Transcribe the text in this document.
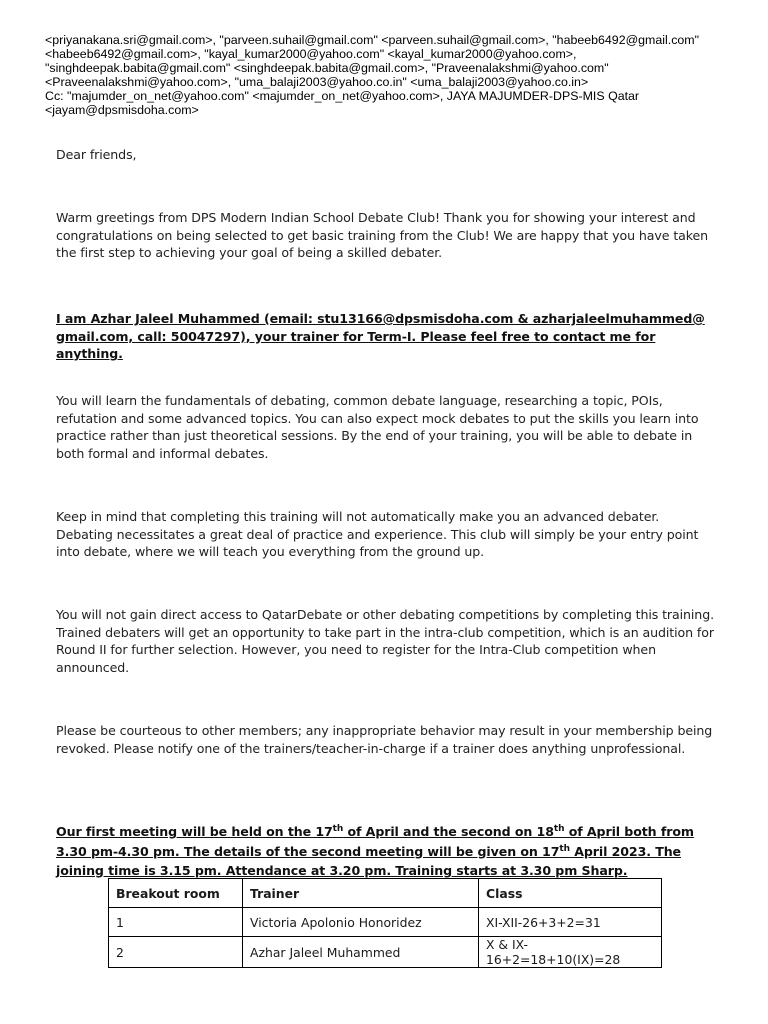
<priyanakana.sri@gmail.com>, "parveen.suhail@gmail.com" <parveen.suhail@gmail.com>, "habeeb6492@gmail.com"
<habeeb6492@gmail.com>, "kayal_kumar2000@yahoo.com" <kayal_kumar2000@yahoo.com>,
"singhdeepak.babita@gmail.com" <singhdeepak.babita@gmail.com>, "Praveenalakshmi@yahoo.com"
<Praveenalakshmi@yahoo.com>, "uma_balaji2003@yahoo.co.in" <uma_balaji2003@yahoo.co.in>
Cc: "majumder_on_net@yahoo.com" <majumder_on_net@yahoo.com>, JAYA MAJUMDER-DPS-MIS Qatar
<jayam@dpsmisdoha.com>
Dear friends,
Warm greetings from DPS Modern Indian School Debate Club! Thank you for showing your interest and congratulations on being selected to get basic training from the Club! We are happy that you have taken the first step to achieving your goal of being a skilled debater.
I am Azhar Jaleel Muhammed (email: stu13166@dpsmisdoha.com & azharjaleelmuhammed@ gmail.com, call: 50047297), your trainer for Term-I. Please feel free to contact me for anything.
You will learn the fundamentals of debating, common debate language, researching a topic, POIs, refutation and some advanced topics. You can also expect mock debates to put the skills you learn into practice rather than just theoretical sessions. By the end of your training, you will be able to debate in both formal and informal debates.
Keep in mind that completing this training will not automatically make you an advanced debater. Debating necessitates a great deal of practice and experience. This club will simply be your entry point into debate, where we will teach you everything from the ground up.
You will not gain direct access to QatarDebate or other debating competitions by completing this training. Trained debaters will get an opportunity to take part in the intra-club competition, which is an audition for Round II for further selection. However, you need to register for the Intra-Club competition when announced.
Please be courteous to other members; any inappropriate behavior may result in your membership being revoked. Please notify one of the trainers/teacher-in-charge if a trainer does anything unprofessional.
Our first meeting will be held on the 17th of April and the second on 18th of April both from 3.30 pm-4.30 pm. The details of the second meeting will be given on 17th April 2023. The joining time is 3.15 pm. Attendance at 3.20 pm. Training starts at 3.30 pm Sharp.
Breakout room	Trainer	Class
1	Victoria Apolonio Honoridez	XI-XII-26+3+2=31
2	Azhar Jaleel Muhammed	X & IX-16+2=18+10(IX)=28
